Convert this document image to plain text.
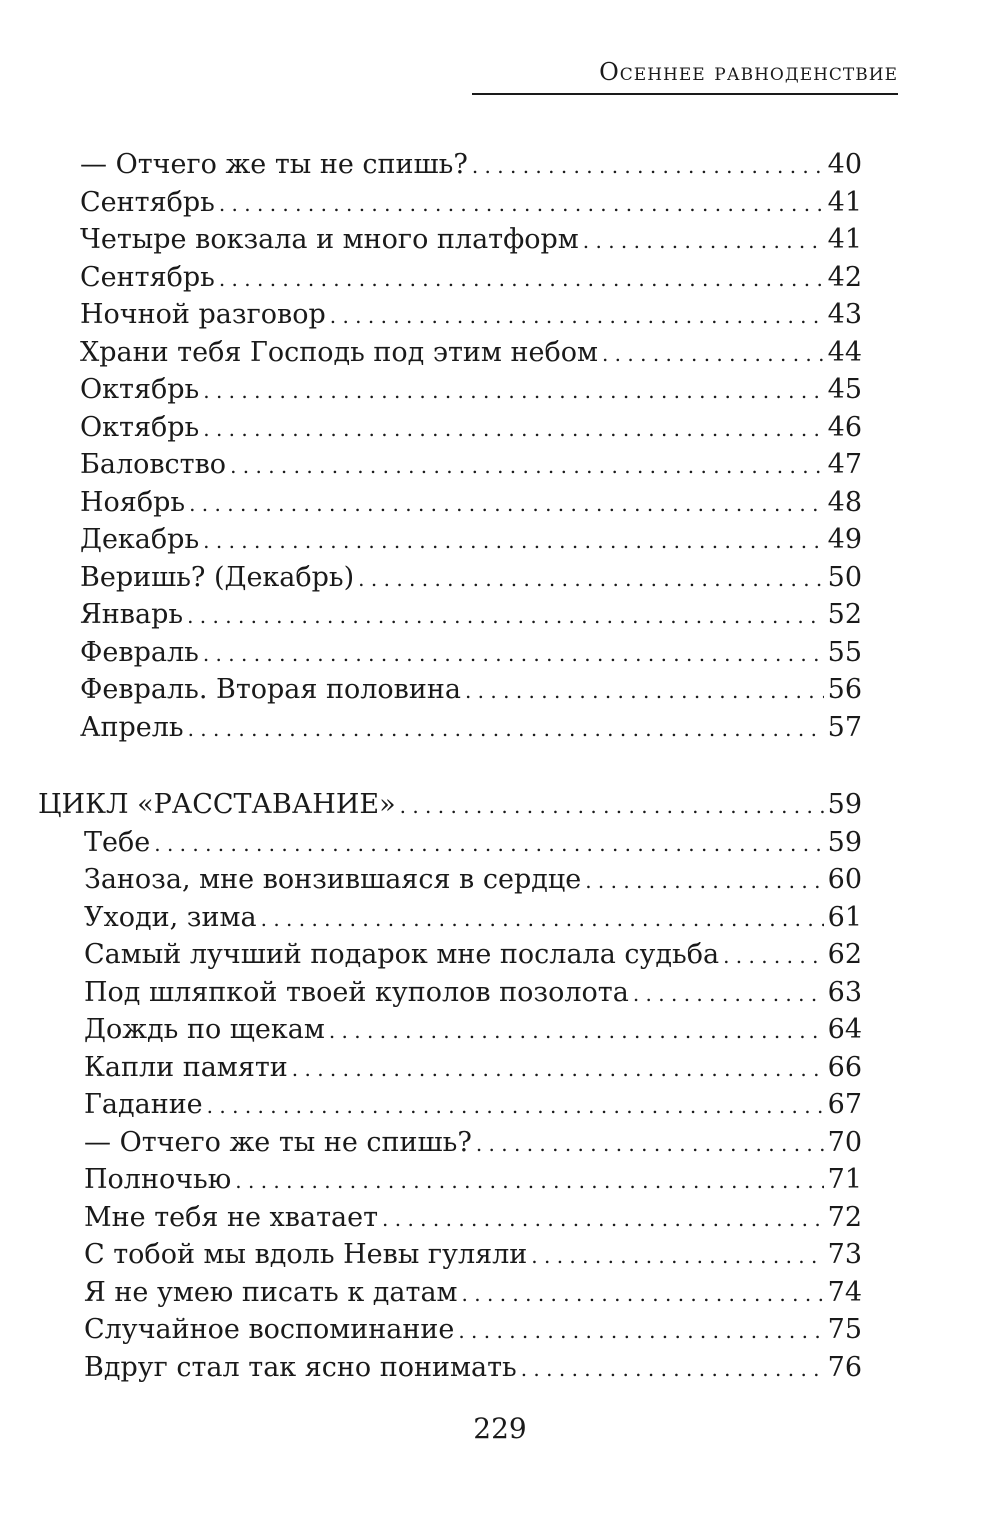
Осеннее равноденствие
— Отчего же ты не спишь? . . .	40
Сентябрь . . .	41
Четыре вокзала и много платформ . . .	41
Сентябрь . . .	42
Ночной разговор . . .	43
Храни тебя Господь под этим небом . . .	44
Октябрь . . .	45
Октябрь . . .	46
Баловство . . .	47
Ноябрь . . .	48
Декабрь . . .	49
Веришь? (Декабрь) . . .	50
Январь . . .	52
Февраль . . .	55
Февраль. Вторая половина . . .	56
Апрель . . .	57
ЦИКЛ «РАССТАВАНИЕ» . . .	59
Тебе . . .	59
Заноза, мне вонзившаяся в сердце . . .	60
Уходи, зима . . .	61
Самый лучший подарок мне послала судьба . . .	62
Под шляпкой твоей куполов позолота . . .	63
Дождь по щекам . . .	64
Капли памяти . . .	66
Гадание . . .	67
— Отчего же ты не спишь? . . .	70
Полночью . . .	71
Мне тебя не хватает . . .	72
С тобой мы вдоль Невы гуляли . . .	73
Я не умею писать к датам . . .	74
Случайное воспоминание . . .	75
Вдруг стал так ясно понимать . . .	76
229
